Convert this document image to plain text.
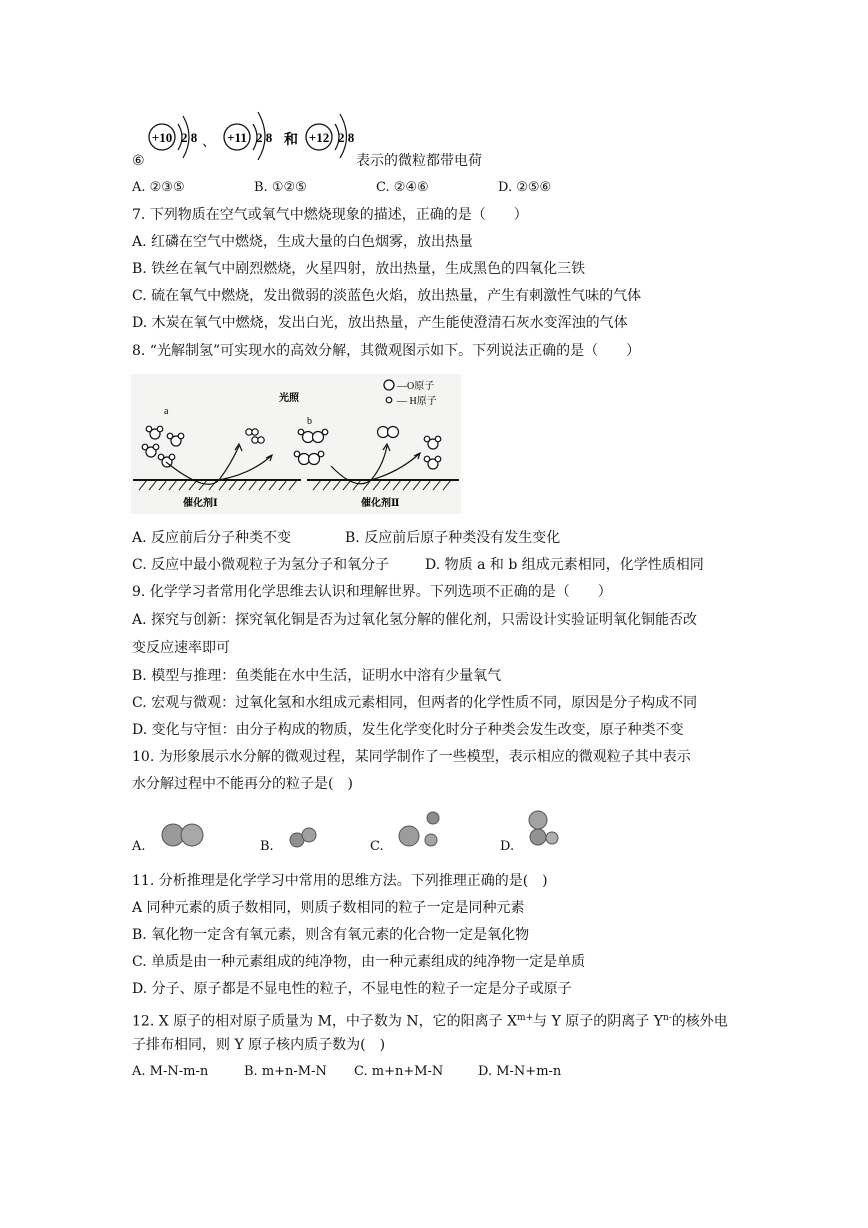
+10 2 8 、 +11 2 8 和 +12 2 8
⑥	表示的微粒都带电荷
A. ②③⑤	B. ①②⑤	C. ②④⑥	D. ②⑤⑥
7. 下列物质在空气或氧气中燃烧现象的描述，正确的是（　　）
A. 红磷在空气中燃烧，生成大量的白色烟雾，放出热量
B. 铁丝在氧气中剧烈燃烧，火星四射，放出热量，生成黑色的四氧化三铁
C. 硫在氧气中燃烧，发出微弱的淡蓝色火焰，放出热量，产生有刺激性气味的气体
D. 木炭在氧气中燃烧，发出白光，放出热量，产生能使澄清石灰水变浑浊的气体
8. “光解制氢”可实现水的高效分解，其微观图示如下。下列说法正确的是（　　）
—O原子
— H原子
光照
a
b
催化剂Ⅰ	催化剂Ⅱ
A. 反应前后分子种类不变	B. 反应前后原子种类没有发生变化
C. 反应中最小微观粒子为氢分子和氧分子	D. 物质 a 和 b 组成元素相同，化学性质相同
9. 化学学习者常用化学思维去认识和理解世界。下列选项不正确的是（　　）
A. 探究与创新：探究氧化铜是否为过氧化氢分解的催化剂，只需设计实验证明氧化铜能否改
变反应速率即可
B. 模型与推理：鱼类能在水中生活，证明水中溶有少量氧气
C. 宏观与微观：过氧化氢和水组成元素相同，但两者的化学性质不同，原因是分子构成不同
D. 变化与守恒：由分子构成的物质，发生化学变化时分子种类会发生改变，原子种类不变
10. 为形象展示水分解的微观过程，某同学制作了一些模型，表示相应的微观粒子其中表示
水分解过程中不能再分的粒子是(　)
A.	B.	C.	D.
11. 分析推理是化学学习中常用的思维方法。下列推理正确的是(　)
A 同种元素的质子数相同，则质子数相同的粒子一定是同种元素
B. 氧化物一定含有氧元素，则含有氧元素的化合物一定是氧化物
C. 单质是由一种元素组成的纯净物，由一种元素组成的纯净物一定是单质
D. 分子、原子都是不显电性的粒子，不显电性的粒子一定是分子或原子
12. X 原子的相对原子质量为 M，中子数为 N，它的阳离子 $X^{m+}$与 Y 原子的阴离子 $Y^{n-}$的核外电
子排布相同，则 Y 原子核内质子数为(　)
A. M-N-m-n	B. m+n-M-N C. m+n+M-N	D. M-N+m-n
